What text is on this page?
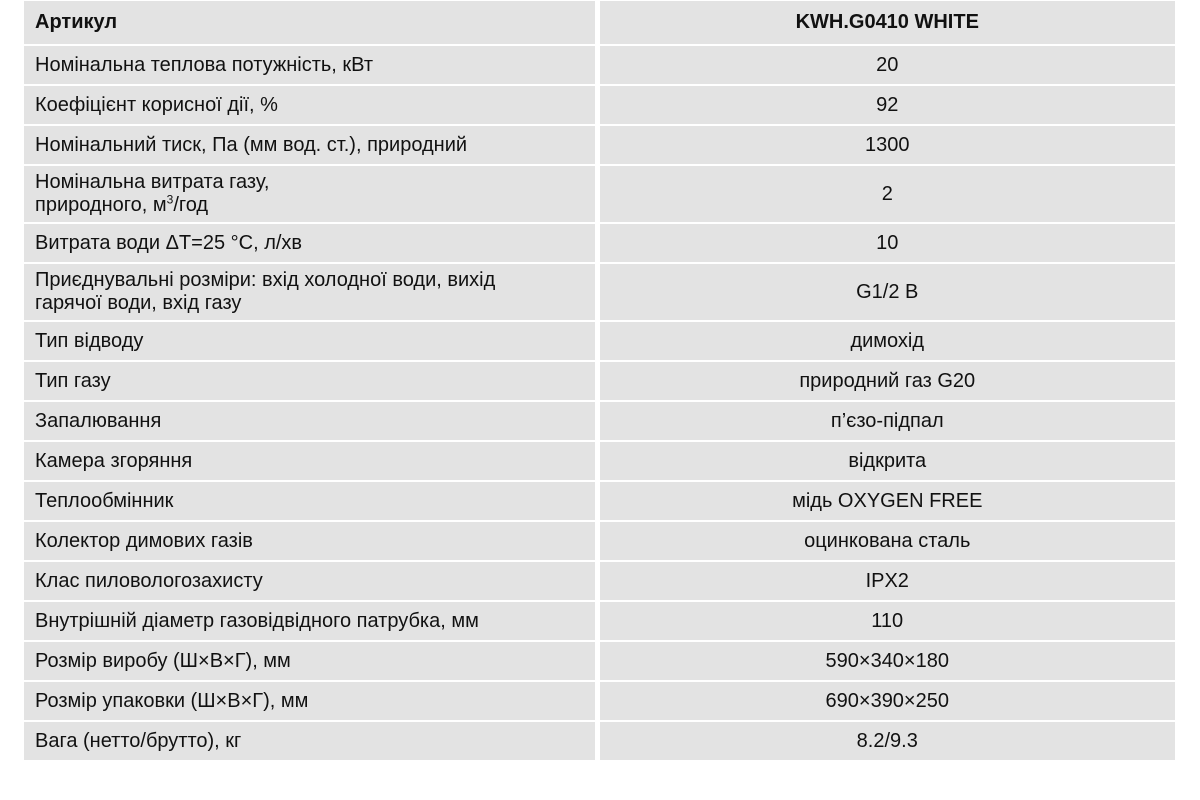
Артикул	KWH.G0410 WHITE
Номінальна теплова потужність, кВт	20
Коефіцієнт корисної дії, %	92
Номінальний тиск, Па (мм вод. ст.), природний	1300
Номінальна витрата газу,
природного, $м^3$/год	2
Витрата води ΔT=25 °C, л/хв	10
Приєднувальні розміри: вхід холодної води, вихід
гарячої води, вхід газу	G1/2 B
Тип відводу	димохід
Тип газу	природний газ G20
Запалювання	п’єзо-підпал
Камера згоряння	відкрита
Теплообмінник	мідь OXYGEN FREE
Колектор димових газів	оцинкована сталь
Клас пиловологозахисту	IPX2
Внутрішній діаметр газовідвідного патрубка, мм	110
Розмір виробу (Ш×В×Г), мм	590×340×180
Розмір упаковки (Ш×В×Г), мм	690×390×250
Вага (нетто/брутто), кг	8.2/9.3
